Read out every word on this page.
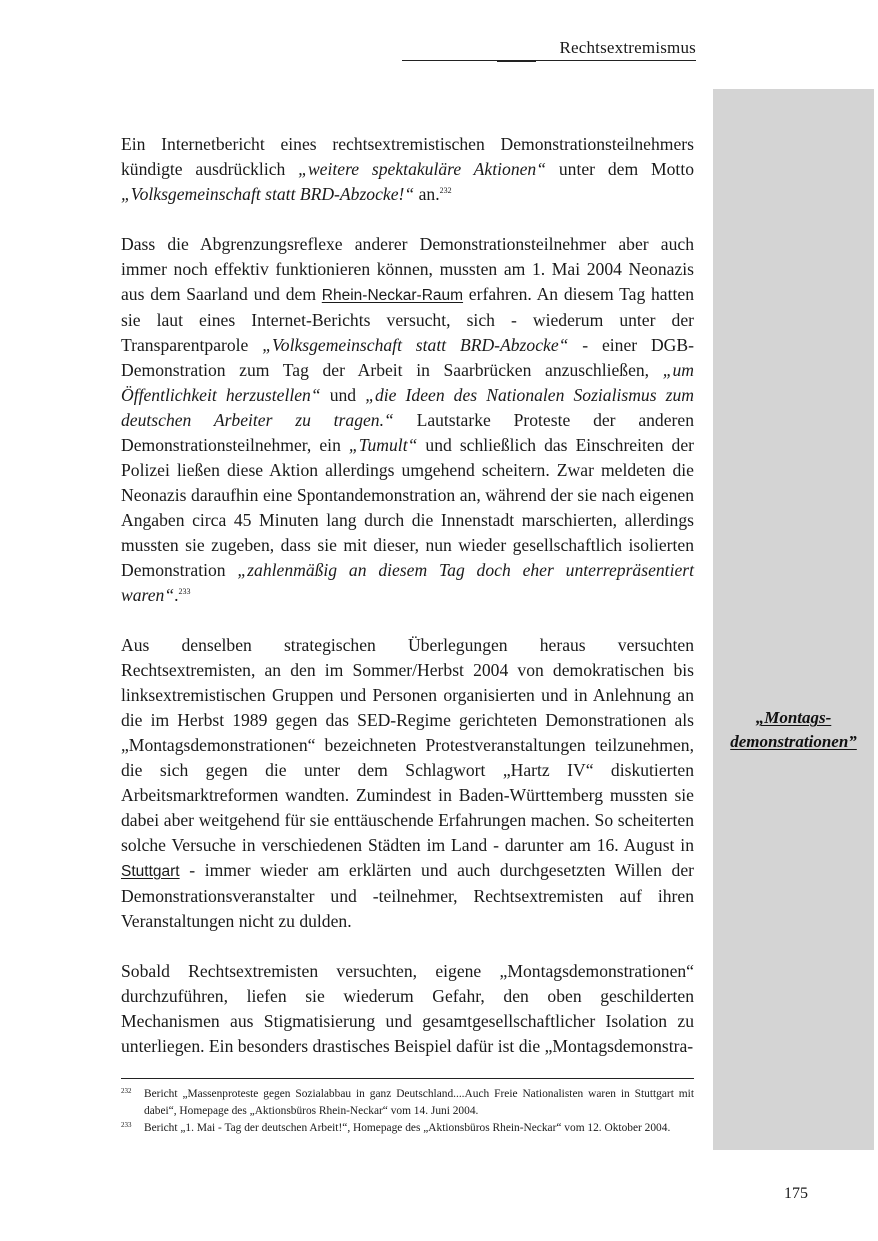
Rechtsextremismus
„Montags-
demonstrationen”

Ein Internetbericht eines rechtsextremistischen Demonstrationsteilnehmers kündigte ausdrücklich „weitere spektakuläre Aktionen“ unter dem Motto „Volksgemeinschaft statt BRD-Abzocke!“ an.$^{232}$

Dass die Abgrenzungsreflexe anderer Demonstrationsteilnehmer aber auch immer noch effektiv funktionieren können, mussten am 1. Mai 2004 Neonazis aus dem Saarland und dem Rhein-Neckar-Raum erfahren. An diesem Tag hatten sie laut eines Internet-Berichts versucht, sich - wiederum unter der Transparentparole „Volksgemeinschaft statt BRD-Abzocke“ - einer DGB-Demonstration zum Tag der Arbeit in Saarbrücken anzuschließen, „um Öffentlichkeit herzustellen“ und „die Ideen des Nationalen Sozialismus zum deutschen Arbeiter zu tragen.“ Lautstarke Proteste der anderen Demonstrationsteilnehmer, ein „Tumult“ und schließlich das Einschreiten der Polizei ließen diese Aktion allerdings umgehend scheitern. Zwar meldeten die Neonazis daraufhin eine Spontandemonstration an, während der sie nach eigenen Angaben circa 45 Minuten lang durch die Innenstadt marschierten, allerdings mussten sie zugeben, dass sie mit dieser, nun wieder gesellschaftlich isolierten Demonstration „zahlenmäßig an diesem Tag doch eher unterrepräsentiert waren“.$^{233}$

Aus denselben strategischen Überlegungen heraus versuchten Rechtsextremisten, an den im Sommer/Herbst 2004 von demokratischen bis linksextremistischen Gruppen und Personen organisierten und in Anlehnung an die im Herbst 1989 gegen das SED-Regime gerichteten Demonstrationen als „Montagsdemonstrationen“ bezeichneten Protestveranstaltungen teilzunehmen, die sich gegen die unter dem Schlagwort „Hartz IV“ diskutierten Arbeitsmarktreformen wandten. Zumindest in Baden-Württemberg mussten sie dabei aber weitgehend für sie enttäuschende Erfahrungen machen. So scheiterten solche Versuche in verschiedenen Städten im Land - darunter am 16. August in Stuttgart - immer wieder am erklärten und auch durchgesetzten Willen der Demonstrationsveranstalter und -teilnehmer, Rechtsextremisten auf ihren Veranstaltungen nicht zu dulden.

Sobald Rechtsextremisten versuchten, eigene „Montagsdemonstrationen“ durchzuführen, liefen sie wiederum Gefahr, den oben geschilderten Mechanismen aus Stigmatisierung und gesamtgesellschaftlicher Isolation zu unterliegen. Ein besonders drastisches Beispiel dafür ist die „Montagsdemonstra-

232 Bericht „Massenproteste gegen Sozialabbau in ganz Deutschland....Auch Freie Nationalisten waren in Stuttgart mit dabei“, Homepage des „Aktionsbüros Rhein-Neckar“ vom 14. Juni 2004.
233 Bericht „1. Mai - Tag der deutschen Arbeit!“, Homepage des „Aktionsbüros Rhein-Neckar“ vom 12. Oktober 2004.
175
